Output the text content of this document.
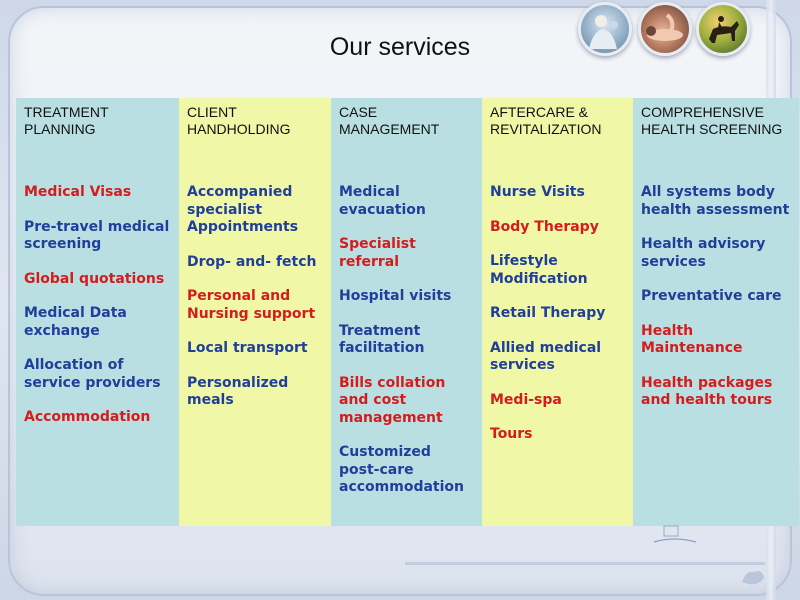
Our services
TREATMENT PLANNING
Medical Visas
Pre-travel medical screening
Global quotations
Medical Data exchange
Allocation of service providers
Accommodation
CLIENT HANDHOLDING
Accompanied specialist Appointments
Drop- and- fetch
Personal and Nursing support
Local transport
Personalized meals
CASE MANAGEMENT
Medical evacuation
Specialist referral
Hospital visits
Treatment facilitation
Bills collation and cost management
Customized post-care accommodation
AFTERCARE & REVITALIZATION
Nurse Visits
Body Therapy
Lifestyle Modification
Retail Therapy
Allied medical services
Medi-spa
Tours
COMPREHENSIVE HEALTH SCREENING
All systems body health assessment
Health advisory services
Preventative care
Health Maintenance
Health packages and health tours
